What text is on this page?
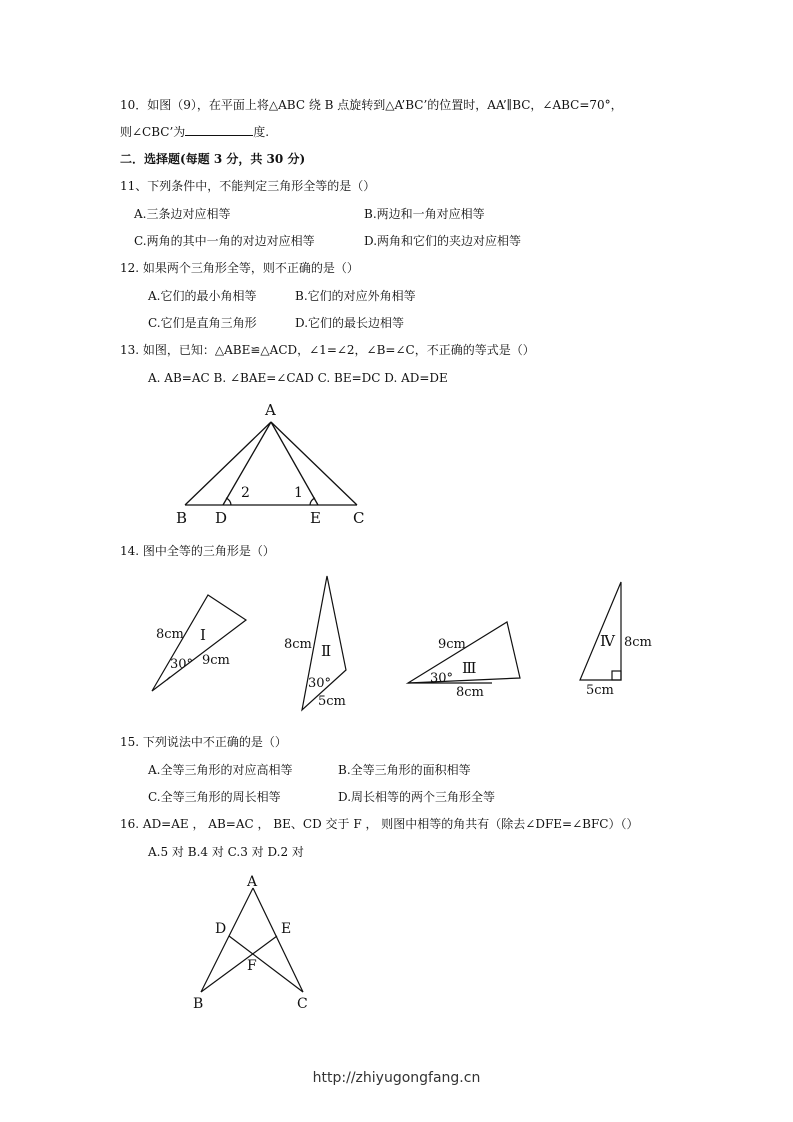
10．如图（9），在平面上将△ABC 绕 B 点旋转到△A’BC’的位置时，AA’∥BC，∠ABC=70°，
则∠CBC’为	度.
二．选择题(每题 3 分，共 30 分)
11、下列条件中，不能判定三角形全等的是（）
A.三条边对应相等	B.两边和一角对应相等
C.两角的其中一角的对边对应相等	D.两角和它们的夹边对应相等
12. 如果两个三角形全等，则不正确的是（）
A.它们的最小角相等	B.它们的对应外角相等
C.它们是直角三角形	D.它们的最长边相等
13. 如图，已知：△ABE≌△ACD，∠1=∠2，∠B=∠C，不正确的等式是（）
A. AB=AC B. ∠BAE=∠CAD C. BE=DC D. AD=DE
A
B D	E C
2	1
14. 图中全等的三角形是（）
8cm Ⅰ
30° 9cm
8cm Ⅱ
30°
5cm
9cm
Ⅲ
30°
8cm
Ⅳ 8cm
5cm
15. 下列说法中不正确的是（）
A.全等三角形的对应高相等	B.全等三角形的面积相等
C.全等三角形的周长相等	D.周长相等的两个三角形全等
16. AD=AE ， AB=AC ， BE、CD 交于 F ， 则图中相等的角共有（除去∠DFE=∠BFC）（）
A.5 对 B.4 对 C.3 对 D.2 对
A
D	E
F
B	C
http://zhiyugongfang.cn
